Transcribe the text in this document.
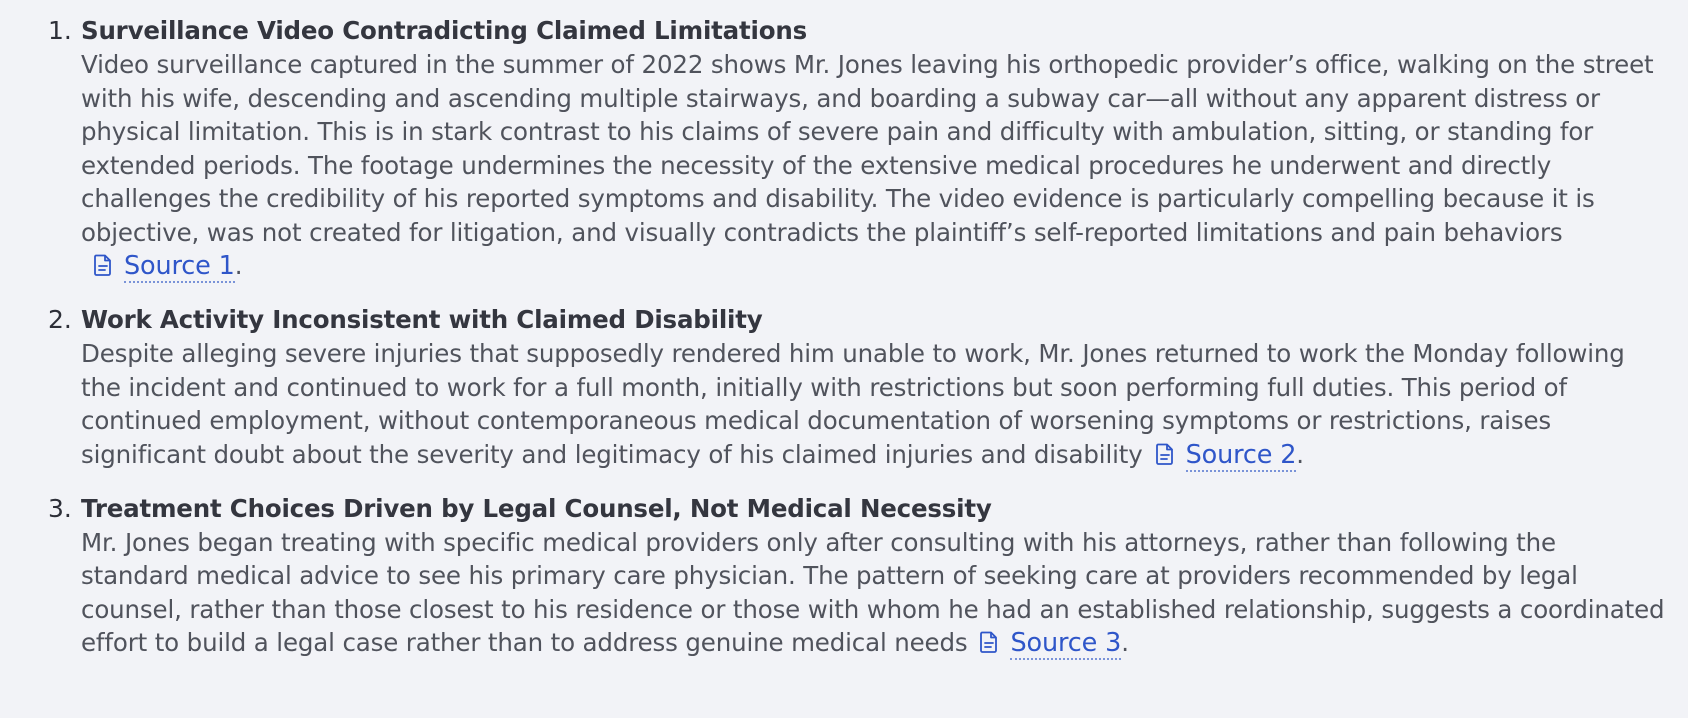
1. Surveillance Video Contradicting Claimed Limitations
Video surveillance captured in the summer of 2022 shows Mr. Jones leaving his orthopedic provider’s office, walking on the street with his wife, descending and ascending multiple stairways, and boarding a subway car—all without any apparent distress or physical limitation. This is in stark contrast to his claims of severe pain and difficulty with ambulation, sitting, or standing for extended periods. The footage undermines the necessity of the extensive medical procedures he underwent and directly challenges the credibility of his reported symptoms and disability. The video evidence is particularly compelling because it is objective, was not created for litigation, and visually contradicts the plaintiff’s self-reported limitations and pain behaviors
Source 1 .
2. Work Activity Inconsistent with Claimed Disability
Despite alleging severe injuries that supposedly rendered him unable to work, Mr. Jones returned to work the Monday following the incident and continued to work for a full month, initially with restrictions but soon performing full duties. This period of continued employment, without contemporaneous medical documentation of worsening symptoms or restrictions, raises significant doubt about the severity and legitimacy of his claimed injuries and disability Source 2 .
3. Treatment Choices Driven by Legal Counsel, Not Medical Necessity
Mr. Jones began treating with specific medical providers only after consulting with his attorneys, rather than following the standard medical advice to see his primary care physician. The pattern of seeking care at providers recommended by legal counsel, rather than those closest to his residence or those with whom he had an established relationship, suggests a coordinated effort to build a legal case rather than to address genuine medical needs Source 3 .
